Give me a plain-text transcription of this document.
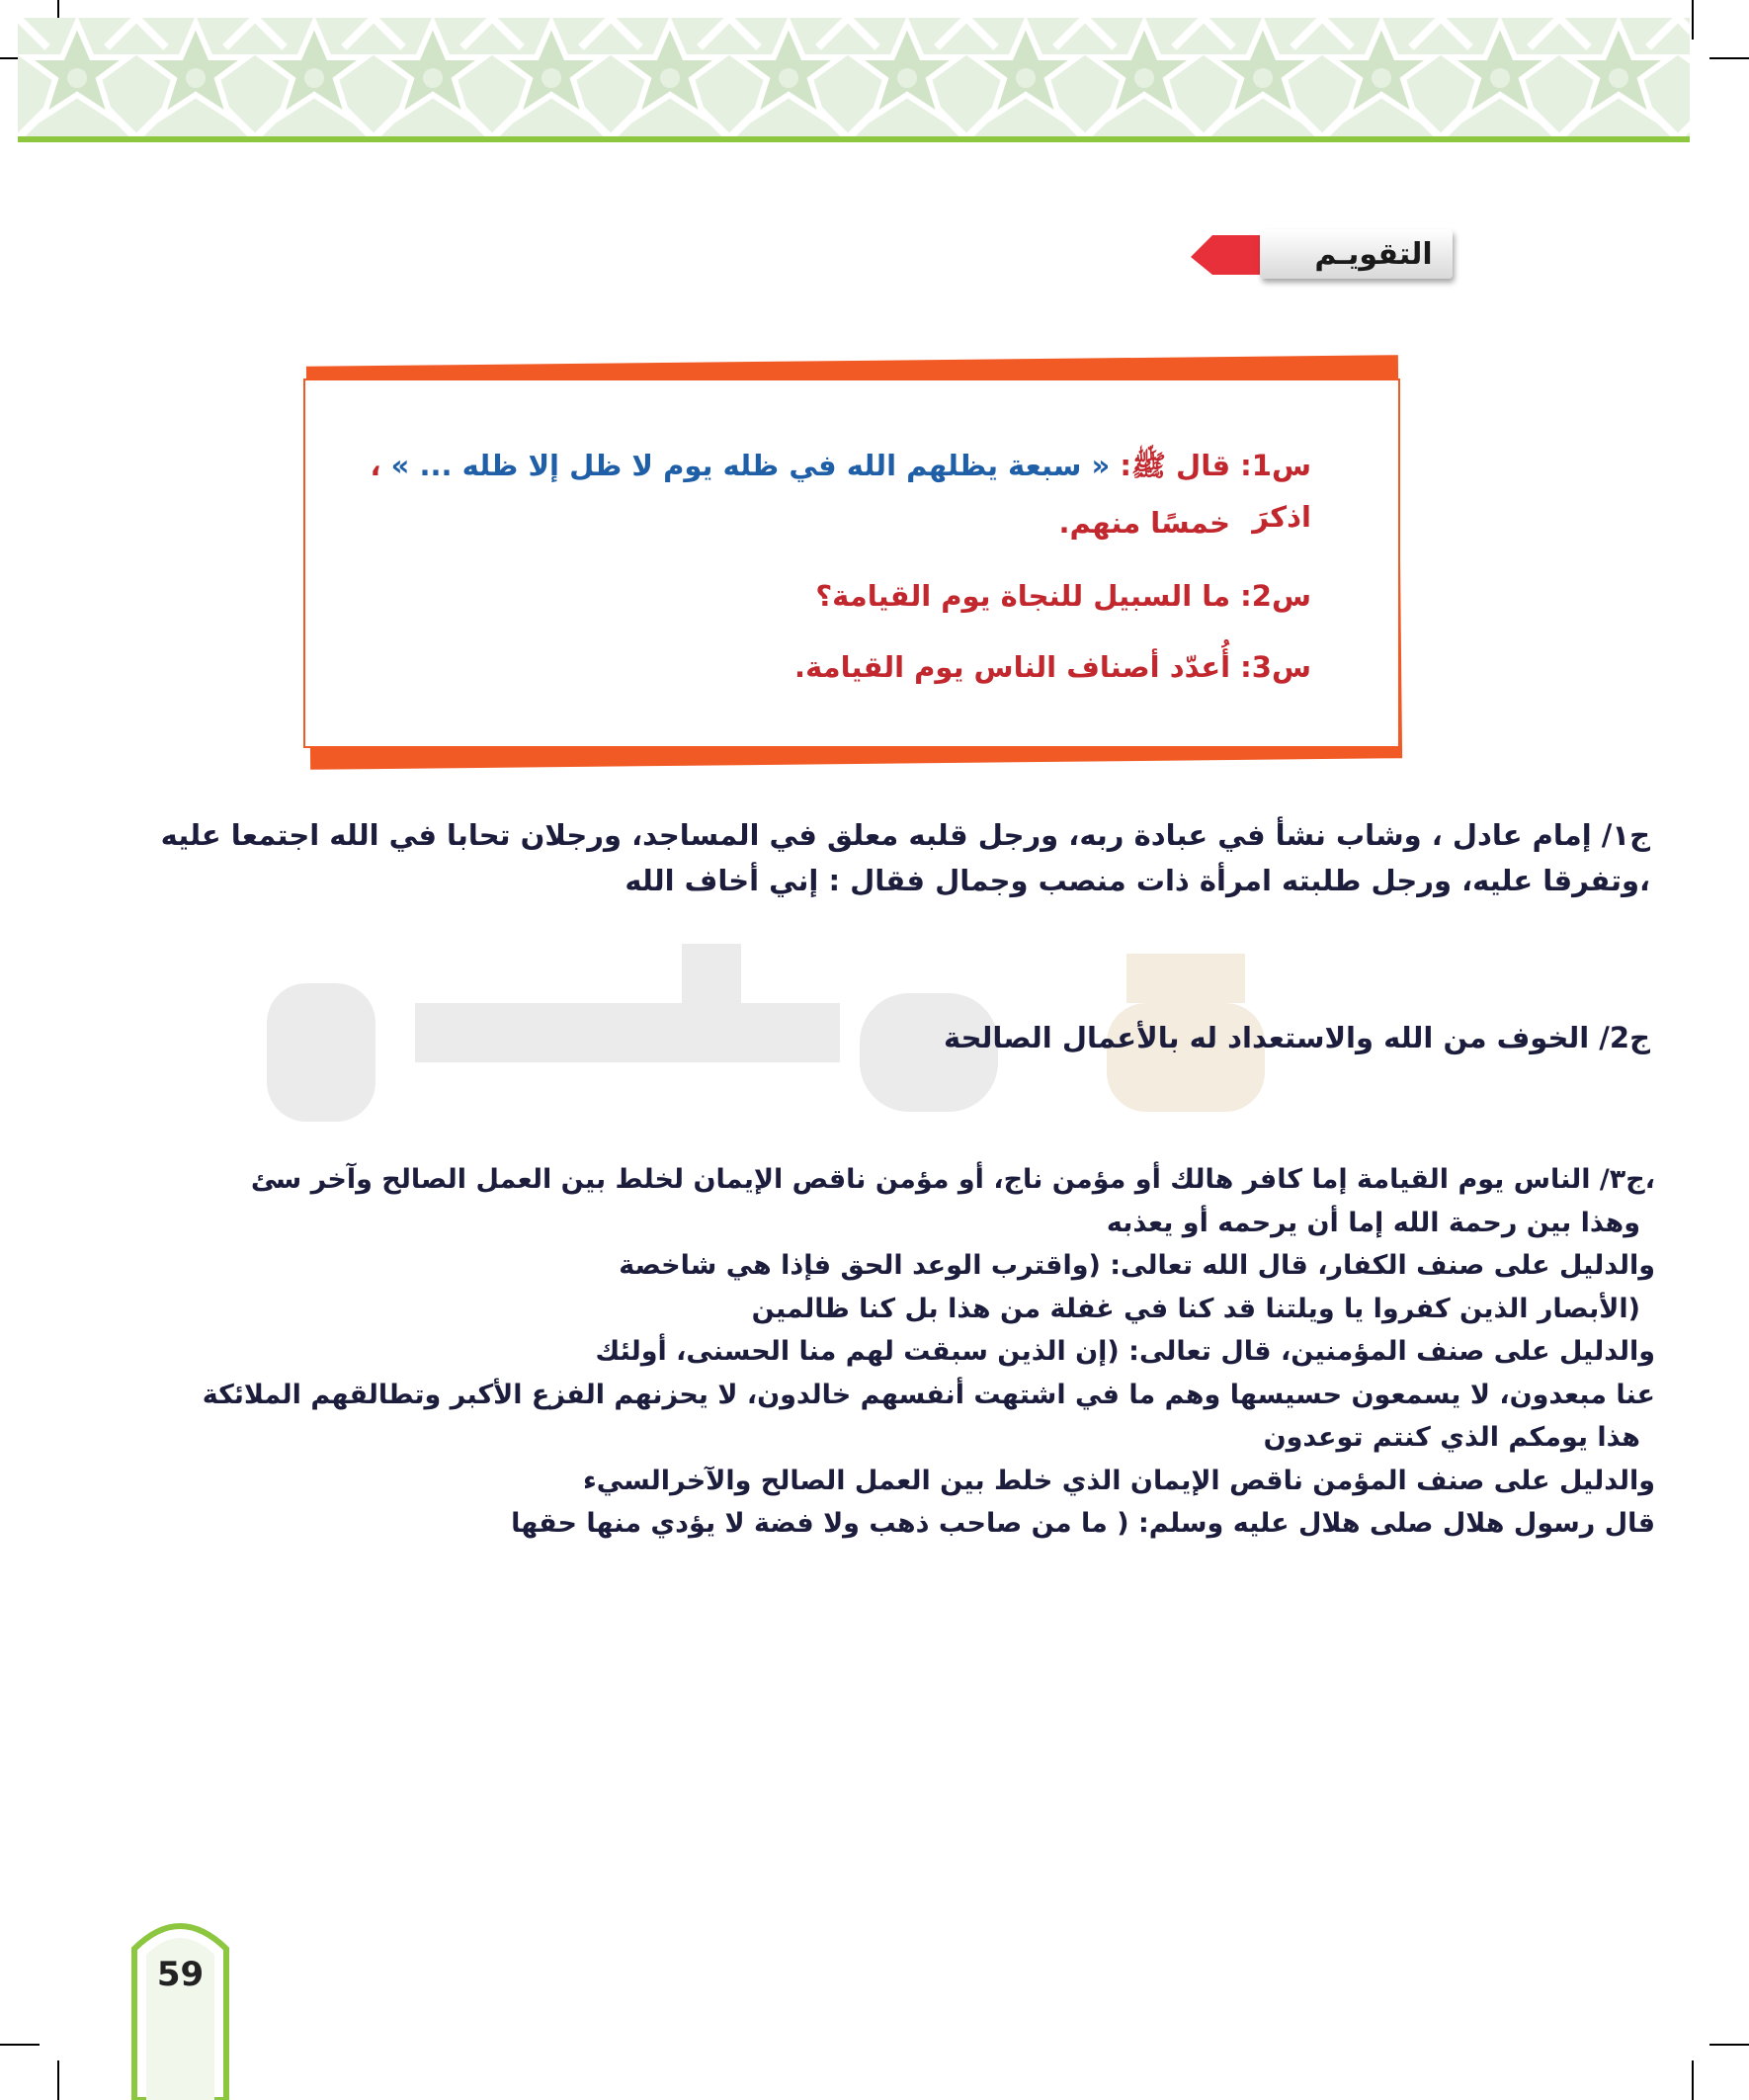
التقويـم
س1: قال ﷺ: « سبعة يظلهم الله في ظله يوم لا ظل إلا ظله ... » ، اذكرَ
خمسًا منهم.
س2: ما السبيل للنجاة يوم القيامة؟
س3: أُعدّد أصناف الناس يوم القيامة.
ج١/ إمام عادل ، وشاب نشأ في عبادة ربه، ورجل قلبه معلق في المساجد، ورجلان تحابا في الله اجتمعا عليه
،وتفرقا عليه، ورجل طلبته امرأة ذات منصب وجمال فقال : إني أخاف الله
ج2/ الخوف من الله والاستعداد له بالأعمال الصالحة
،ج٣/ الناس يوم القيامة إما كافر هالك أو مؤمن ناج، أو مؤمن ناقص الإيمان لخلط بين العمل الصالح وآخر سئ
وهذا بين رحمة الله إما أن يرحمه أو يعذبه
والدليل على صنف الكفار، قال الله تعالى: (واقترب الوعد الحق فإذا هي شاخصة
(الأبصار الذين كفروا يا ويلتنا قد كنا في غفلة من هذا بل كنا ظالمين
والدليل على صنف المؤمنين، قال تعالى: (إن الذين سبقت لهم منا الحسنى، أولئك
عنا مبعدون، لا يسمعون حسيسها وهم ما في اشتهت أنفسهم خالدون، لا يحزنهم الفزع الأكبر وتطالقهم الملائكة
هذا يومكم الذي كنتم توعدون
والدليل على صنف المؤمن ناقص الإيمان الذي خلط بين العمل الصالح والآخرالسيء
قال رسول هلال صلى هلال عليه وسلم: ( ما من صاحب ذهب ولا فضة لا يؤدي منها حقها
59
